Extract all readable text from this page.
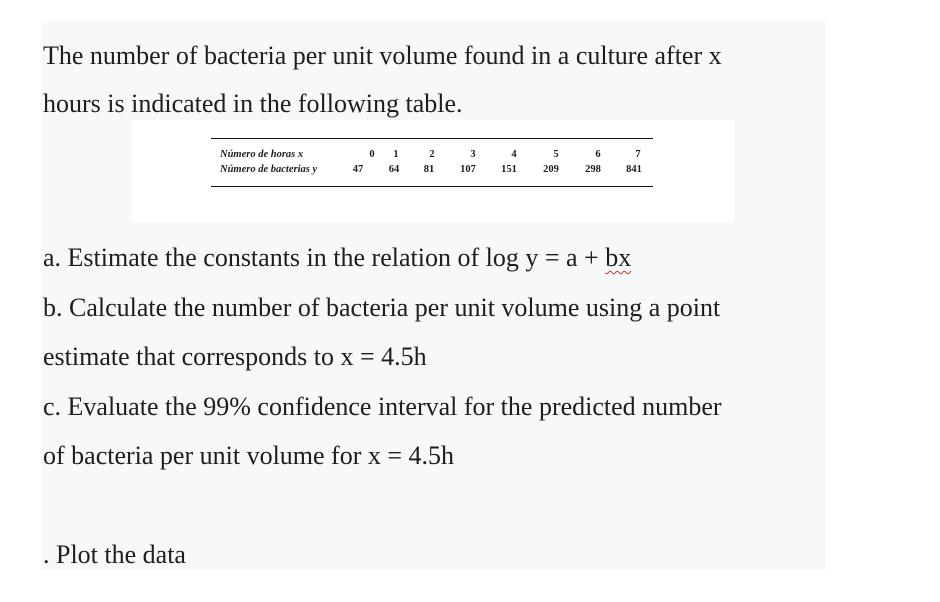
The number of bacteria per unit volume found in a culture after x
hours is indicated in the following table.
Número de horas x	0	1	2	3	4	5	6	7
Número de bacterias y	47	64	81	107	151	209	298	841
a. Estimate the constants in the relation of log y = a + bx
b. Calculate the number of bacteria per unit volume using a point
estimate that corresponds to x = 4.5h
c. Evaluate the 99% confidence interval for the predicted number
of bacteria per unit volume for x = 4.5h
. Plot the data
